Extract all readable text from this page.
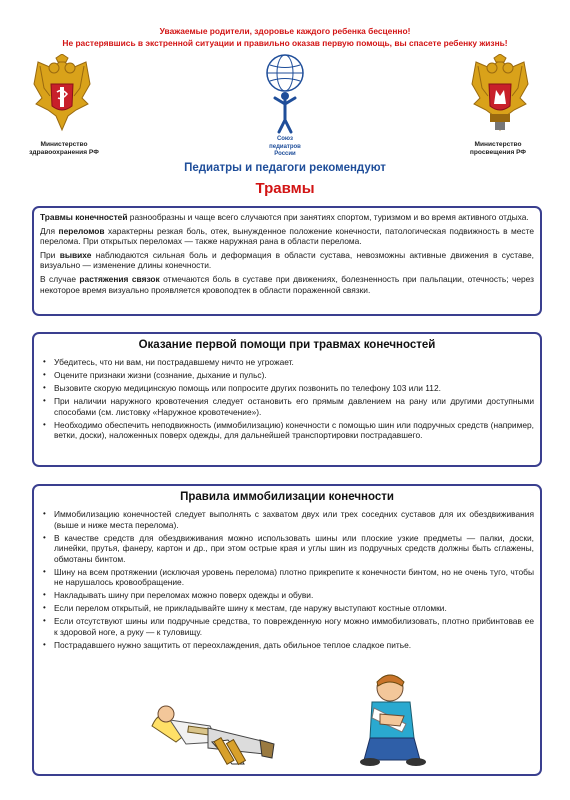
Уважаемые родители, здоровье каждого ребенка бесценно!
Не растерявшись в экстренной ситуации и правильно оказав первую помощь, вы спасете ребенку жизнь!
Министерство
здравоохранения РФ
Союз
педиатров
России
Министерство
просвещения РФ
Педиатры и педагоги рекомендуют
Травмы

Травмы конечностей разнообразны и чаще всего случаются при занятиях спортом, туризмом и во время активного отдыха.

Для переломов характерны резкая боль, отек, вынужденное положение конечности, патологическая подвижность в месте перелома. При открытых переломах — также наружная рана в области перелома.

При вывихе наблюдаются сильная боль и деформация в области сустава, невозможны активные движения в суставе, визуально — изменение длины конечности.

В случае растяжения связок отмечаются боль в суставе при движениях, болезненность при пальпации, отечность; через некоторое время визуально проявляется кровоподтек в области пораженной связки.

Оказание первой помощи при травмах конечностей
• Убедитесь, что ни вам, ни пострадавшему ничто не угрожает.
• Оцените признаки жизни (сознание, дыхание и пульс).
• Вызовите скорую медицинскую помощь или попросите других позвонить по телефону 103 или 112.
• При наличии наружного кровотечения следует остановить его прямым давлением на рану или другими доступными способами (см. листовку «Наружное кровотечение»).
• Необходимо обеспечить неподвижность (иммобилизацию) конечности с помощью шин или подручных средств (например, ветки, доски), наложенных поверх одежды, для дальнейшей транспортировки пострадавшего.
Правила иммобилизации конечности
• Иммобилизацию конечностей следует выполнять с захватом двух или трех соседних суставов для их обездвиживания (выше и ниже места перелома).
• В качестве средств для обездвиживания можно использовать шины или плоские узкие предметы — палки, доски, линейки, прутья, фанеру, картон и др., при этом острые края и углы шин из подручных средств должны быть сглажены, обмотаны бинтом.
• Шину на всем протяжении (исключая уровень перелома) плотно прикрепите к конечности бинтом, но не очень туго, чтобы не нарушалось кровообращение.
• Накладывать шину при переломах можно поверх одежды и обуви.
• Если перелом открытый, не прикладывайте шину к местам, где наружу выступают костные отломки.
• Если отсутствуют шины или подручные средства, то поврежденную ногу можно иммобилизовать, плотно прибинтовав ее к здоровой ноге, а руку — к туловищу.
• Пострадавшего нужно защитить от переохлаждения, дать обильное теплое сладкое питье.
